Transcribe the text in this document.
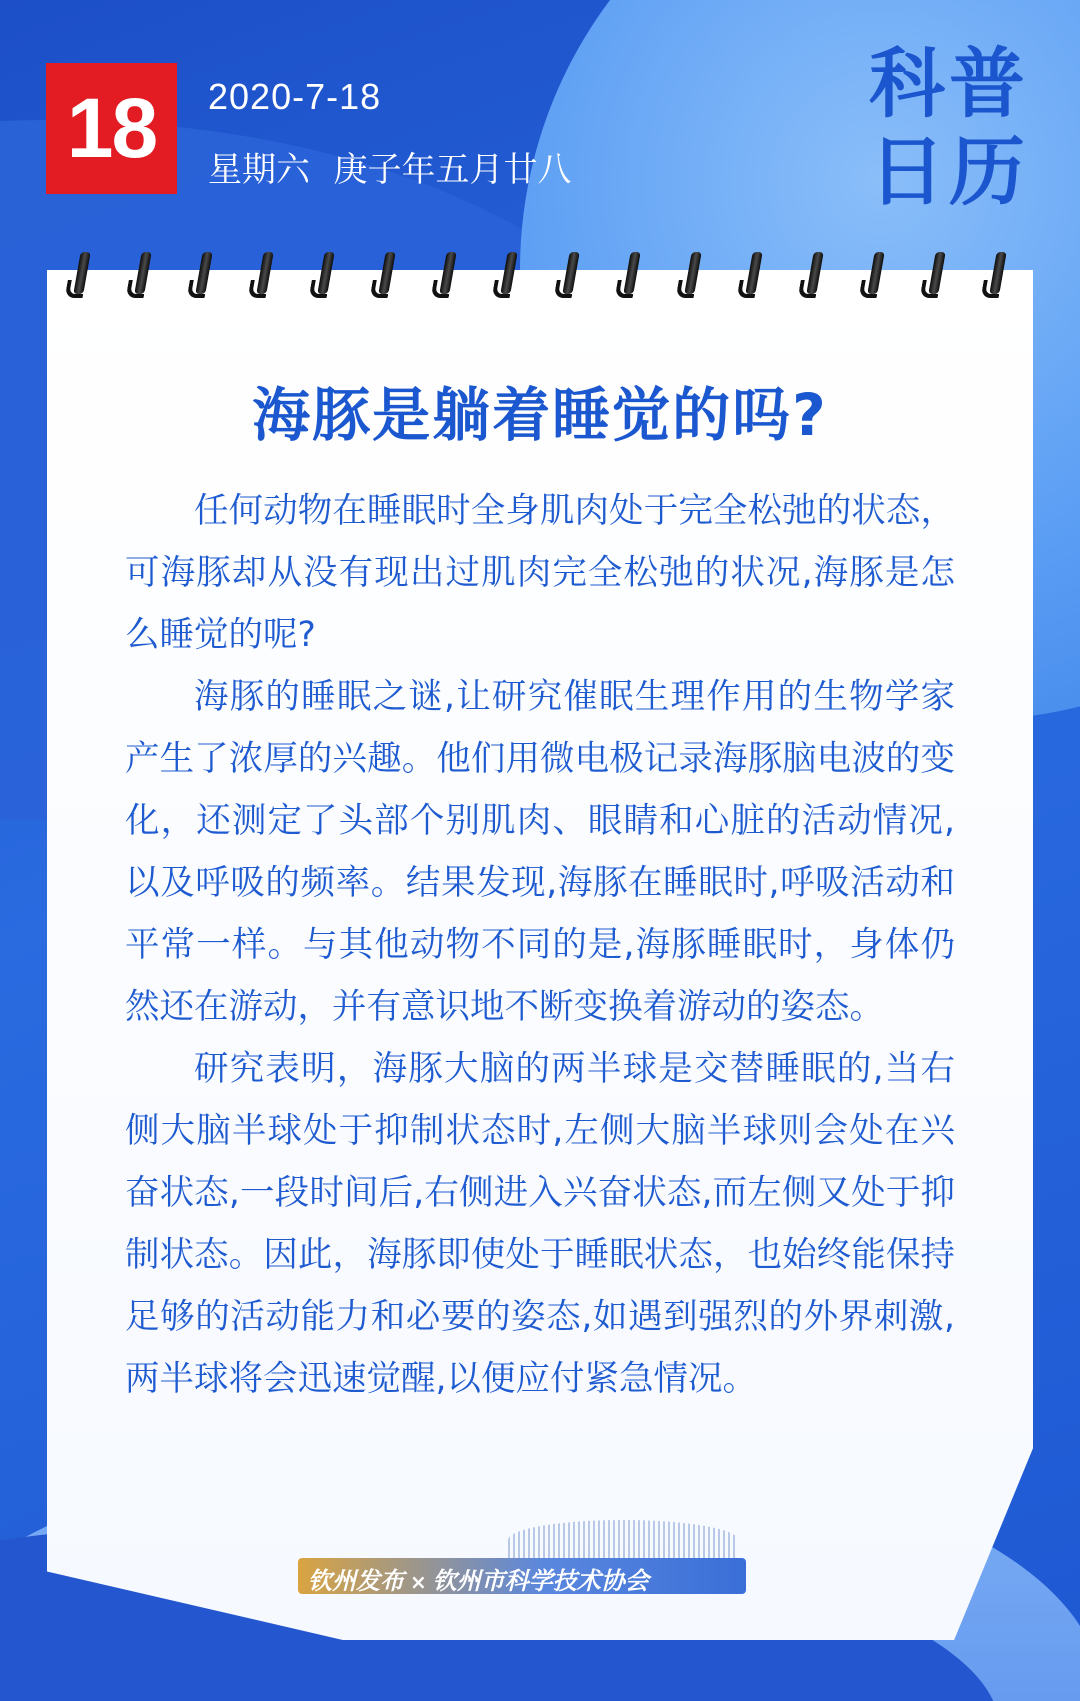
18	2020-7-18
星期六 庚子年五月廿八
科普
日历
海豚是躺着睡觉的吗?

任何动物在睡眠时全身肌肉处于完全松弛的状态，可海豚却从没有现出过肌肉完全松弛的状况,海豚是怎么睡觉的呢?

海豚的睡眠之谜,让研究催眠生理作用的生物学家产生了浓厚的兴趣。他们用微电极记录海豚脑电波的变化，还测定了头部个别肌肉、眼睛和心脏的活动情况,以及呼吸的频率。结果发现,海豚在睡眠时,呼吸活动和平常一样。与其他动物不同的是,海豚睡眠时，身体仍然还在游动，并有意识地不断变换着游动的姿态。

研究表明，海豚大脑的两半球是交替睡眠的,当右侧大脑半球处于抑制状态时,左侧大脑半球则会处在兴奋状态,一段时间后,右侧进入兴奋状态,而左侧又处于抑制状态。因此，海豚即使处于睡眠状态，也始终能保持足够的活动能力和必要的姿态,如遇到强烈的外界刺激,两半球将会迅速觉醒,以便应付紧急情况。

钦州发布 × 钦州市科学技术协会
